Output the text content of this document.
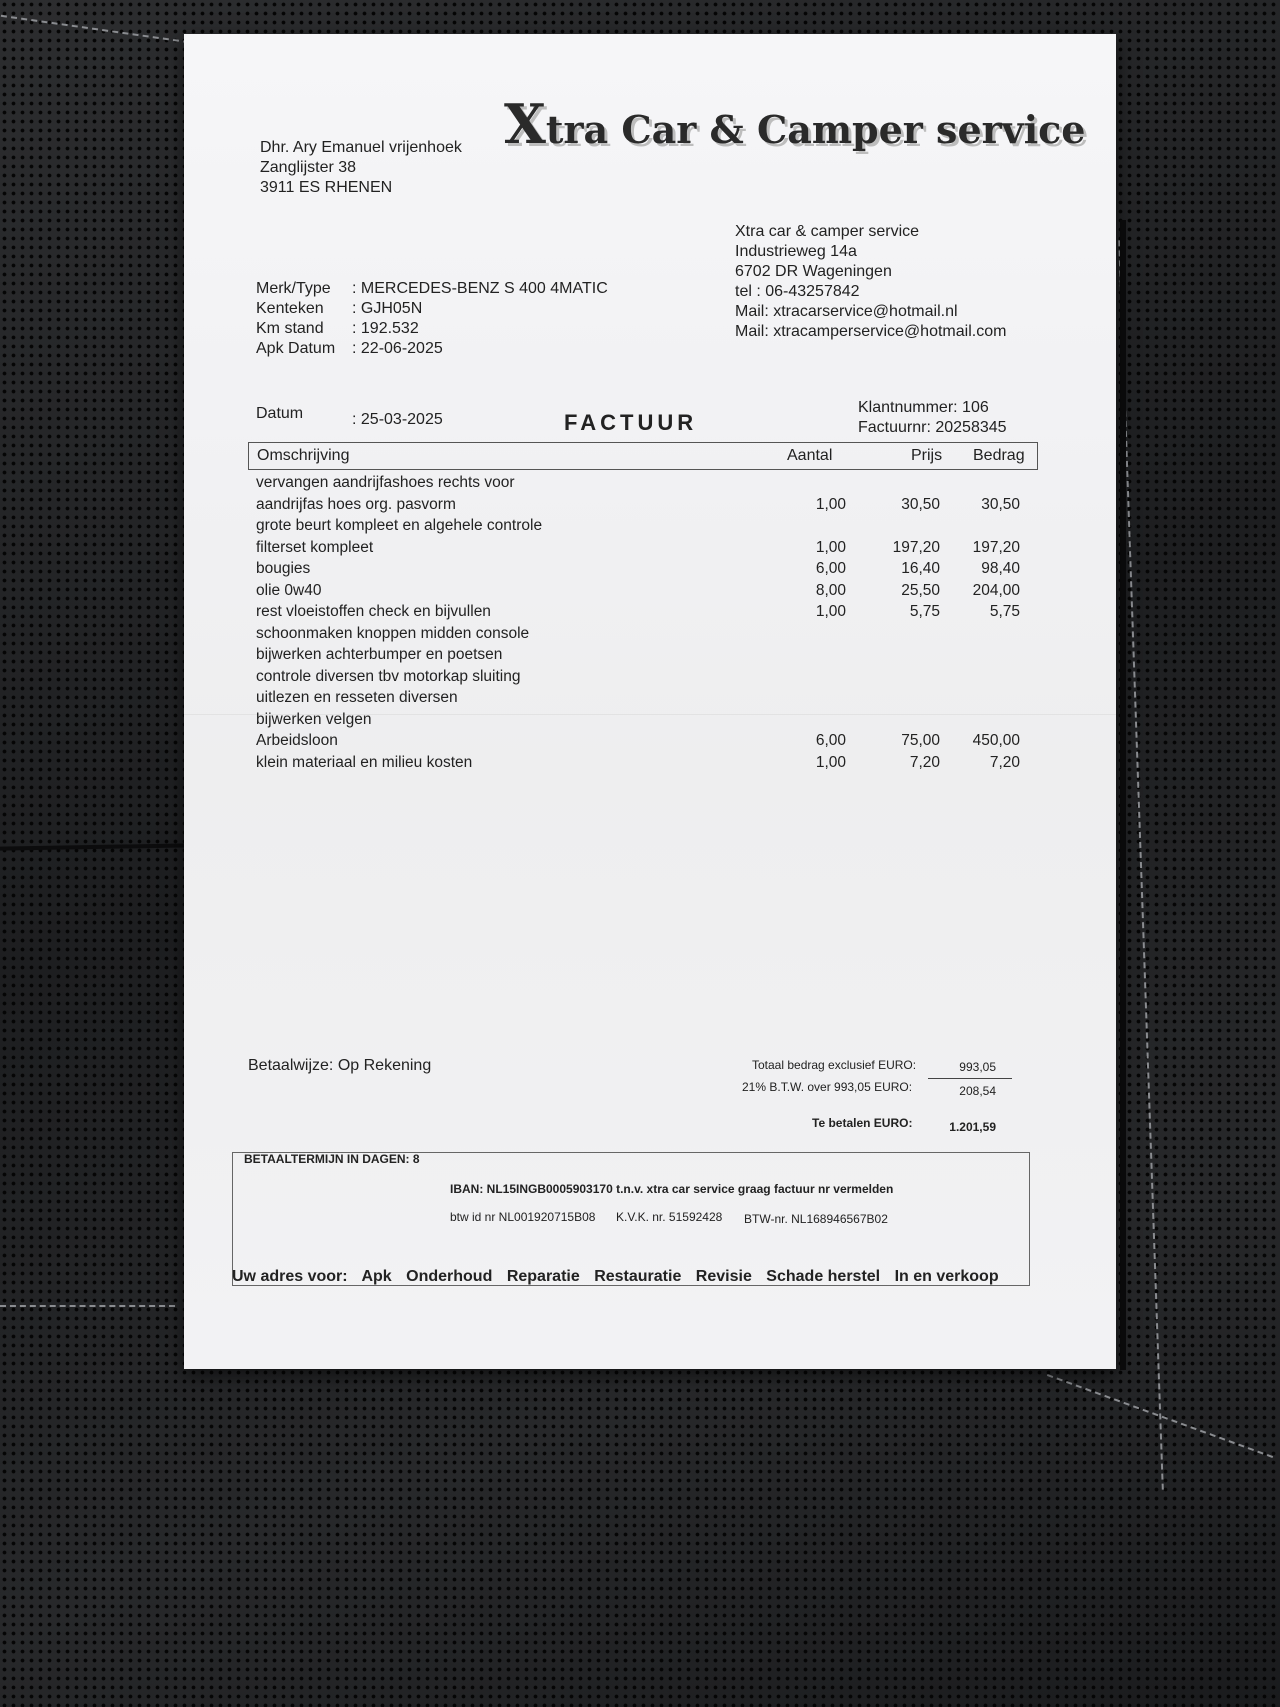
Xtra Car & Camper service
Dhr. Ary Emanuel vrijenhoek
Zanglijster 38
3911 ES RHENEN
Xtra car & camper service
Industrieweg 14a
6702 DR Wageningen
tel : 06-43257842
Mail: xtracarservice@hotmail.nl
Mail: xtracamperservice@hotmail.com
Merk/Type	: MERCEDES-BENZ S 400 4MATIC
Kenteken	: GJH05N
Km stand	: 192.532
Apk Datum	: 22-06-2025
Datum	: 25-03-2025	FACTUUR
Klantnummer: 106
Factuurnr: 20258345
Omschrijving	Aantal	Prijs Bedrag
vervangen aandrijfashoes rechts voor
aandrijfas hoes org. pasvorm	1,00	30,50	30,50
grote beurt kompleet en algehele controle
filterset kompleet	1,00	197,20 197,20
bougies	6,00	16,40	98,40
olie 0w40	8,00	25,50 204,00
rest vloeistoffen check en bijvullen	1,00	5,75	5,75
schoonmaken knoppen midden console
bijwerken achterbumper en poetsen
controle diversen tbv motorkap sluiting
uitlezen en resseten diversen
bijwerken velgen
Arbeidsloon	6,00	75,00 450,00
klein materiaal en milieu kosten	1,00	7,20	7,20
Betaalwijze: Op Rekening	Totaal bedrag exclusief EURO:	993,05
21% B.T.W. over 993,05 EURO:	208,54
Te betalen EURO:	1.201,59
BETAALTERMIJN IN DAGEN: 8
IBAN: NL15INGB0005903170 t.n.v. xtra car service graag factuur nr vermelden
btw id nr NL001920715B08 K.V.K. nr. 51592428 BTW-nr. NL168946567B02
Uw adres voor: Apk Onderhoud Reparatie Restauratie Revisie Schade herstel In en verkoop
